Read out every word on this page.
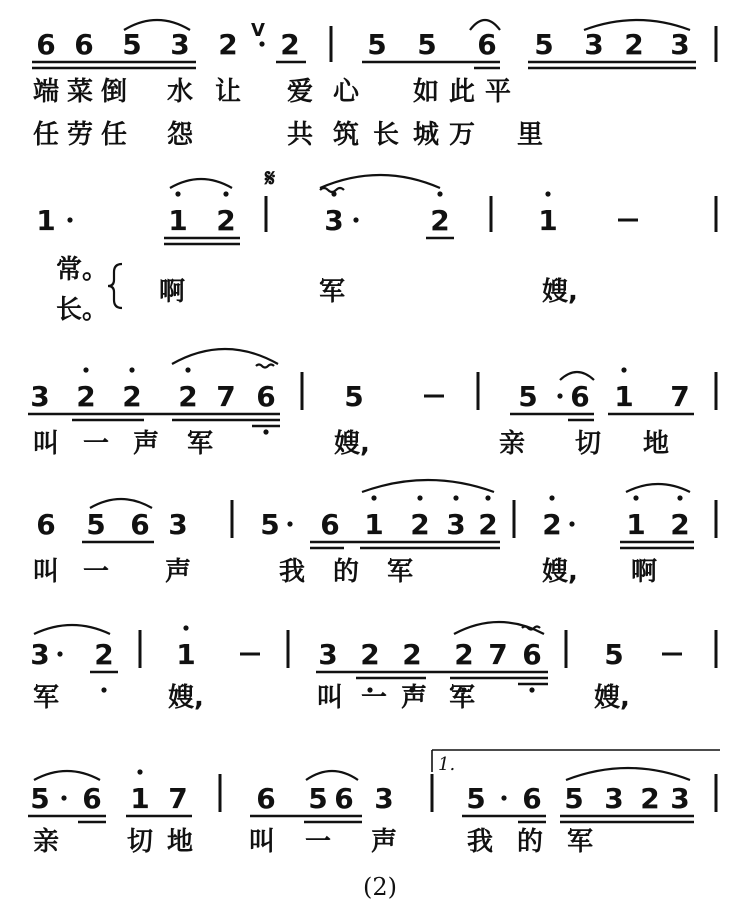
6 6 5 3 2 2 5 5 6 5 3 2 3
V
端 菜 倒 水 让 爱 心 如 此 平
任 劳 任 怨	共 筑 长 城 万 里
1	1 2	3	2	1
𝄋
常。
长。
啊	军	嫂,
3 2 2 2 7 6 5	5 6 1 7
叫 一 声 军	嫂,	亲 切 地
6 5 6 3	5 6 1 2 3 2 2 1 2
叫 一 声	我 的 军	嫂, 啊
3 2 1	3 2 2 2 7 6 5
军	嫂,	叫 一 声 军	嫂,
5 6 1 7 6 5 6 3	5 6 5 3 2 3
1.
亲	切 地 叫 一 声	我 的 军
(2)
